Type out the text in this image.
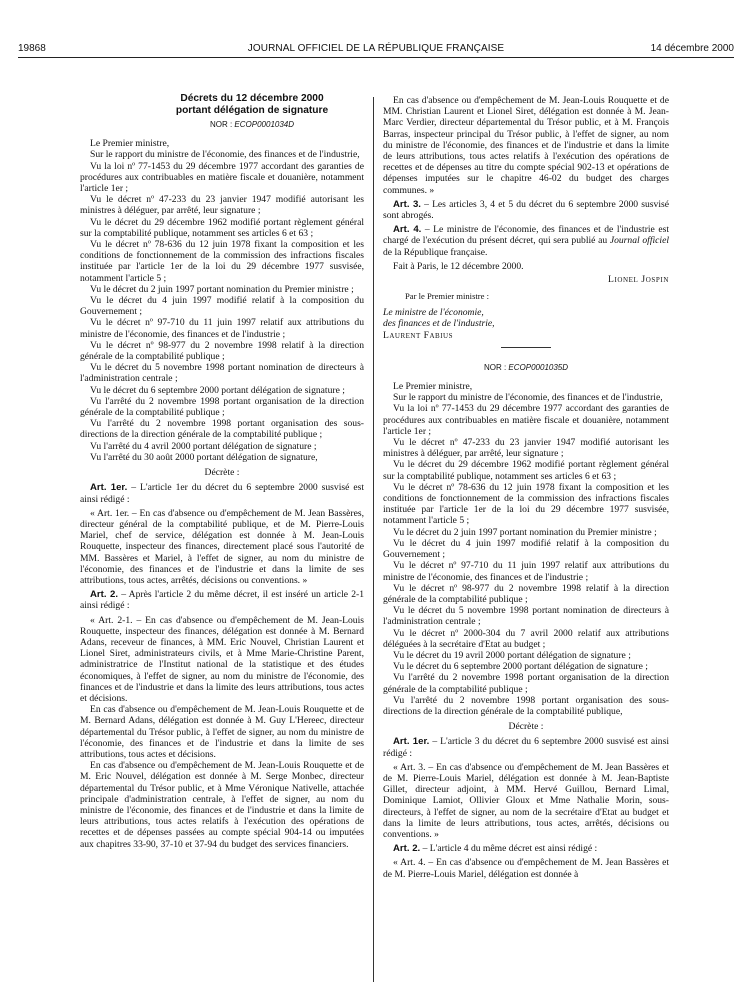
19868	JOURNAL OFFICIEL DE LA RÉPUBLIQUE FRANÇAISE	14 décembre 2000

Décrets du 12 décembre 2000
portant délégation de signature

NOR : ECOP0001034D

Le Premier ministre,

Sur le rapport du ministre de l'économie, des finances et de l'industrie,

Vu la loi nº 77-1453 du 29 décembre 1977 accordant des garanties de procédures aux contribuables en matière fiscale et douanière, notamment l'article 1er ;

Vu le décret nº 47-233 du 23 janvier 1947 modifié autorisant les ministres à déléguer, par arrêté, leur signature ;

Vu le décret du 29 décembre 1962 modifié portant règlement général sur la comptabilité publique, notamment ses articles 6 et 63 ;

Vu le décret nº 78-636 du 12 juin 1978 fixant la composition et les conditions de fonctionnement de la commission des infractions fiscales instituée par l'article 1er de la loi du 29 décembre 1977 susvisée, notamment l'article 5 ;

Vu le décret du 2 juin 1997 portant nomination du Premier ministre ;

Vu le décret du 4 juin 1997 modifié relatif à la composition du Gouvernement ;

Vu le décret nº 97-710 du 11 juin 1997 relatif aux attributions du ministre de l'économie, des finances et de l'industrie ;

Vu le décret nº 98-977 du 2 novembre 1998 relatif à la direction générale de la comptabilité publique ;

Vu le décret du 5 novembre 1998 portant nomination de directeurs à l'administration centrale ;

Vu le décret du 6 septembre 2000 portant délégation de signature ;

Vu l'arrêté du 2 novembre 1998 portant organisation de la direction générale de la comptabilité publique ;

Vu l'arrêté du 2 novembre 1998 portant organisation des sous-directions de la direction générale de la comptabilité publique ;

Vu l'arrêté du 4 avril 2000 portant délégation de signature ;

Vu l'arrêté du 30 août 2000 portant délégation de signature,

Décrète :

Art. 1er. – L'article 1er du décret du 6 septembre 2000 susvisé est ainsi rédigé :

« Art. 1er. – En cas d'absence ou d'empêchement de M. Jean Bassères, directeur général de la comptabilité publique, et de M. Pierre-Louis Mariel, chef de service, délégation est donnée à M. Jean-Louis Rouquette, inspecteur des finances, directement placé sous l'autorité de MM. Bassères et Mariel, à l'effet de signer, au nom du ministre de l'économie, des finances et de l'industrie et dans la limite de ses attributions, tous actes, arrêtés, décisions ou conventions. »

Art. 2. – Après l'article 2 du même décret, il est inséré un article 2-1 ainsi rédigé :

« Art. 2-1. – En cas d'absence ou d'empêchement de M. Jean-Louis Rouquette, inspecteur des finances, délégation est donnée à M. Bernard Adans, receveur de finances, à MM. Eric Nouvel, Christian Laurent et Lionel Siret, administrateurs civils, et à Mme Marie-Christine Parent, administratrice de l'Institut national de la statistique et des études économiques, à l'effet de signer, au nom du ministre de l'économie, des finances et de l'industrie et dans la limite des leurs attributions, tous actes et décisions.

En cas d'absence ou d'empêchement de M. Jean-Louis Rouquette et de M. Bernard Adans, délégation est donnée à M. Guy L'Hereec, directeur départemental du Trésor public, à l'effet de signer, au nom du ministre de l'économie, des finances et de l'industrie et dans la limite de ses attributions, tous actes et décisions.

En cas d'absence ou d'empêchement de M. Jean-Louis Rouquette et de M. Eric Nouvel, délégation est donnée à M. Serge Monbec, directeur départemental du Trésor public, et à Mme Véronique Nativelle, attachée principale d'administration centrale, à l'effet de signer, au nom du ministre de l'économie, des finances et de l'industrie et dans la limite de leurs attributions, tous actes relatifs à l'exécution des opérations de recettes et de dépenses passées au compte spécial 904-14 ou imputées aux chapitres 33-90, 37-10 et 37-94 du budget des services financiers.

En cas d'absence ou d'empêchement de M. Jean-Louis Rouquette et de MM. Christian Laurent et Lionel Siret, délégation est donnée à M. Jean-Marc Verdier, directeur départemental du Trésor public, et à M. François Barras, inspecteur principal du Trésor public, à l'effet de signer, au nom du ministre de l'économie, des finances et de l'industrie et dans la limite de leurs attributions, tous actes relatifs à l'exécution des opérations de recettes et de dépenses au titre du compte spécial 902-13 et opérations de dépenses imputées sur le chapitre 46-02 du budget des charges communes. »

Art. 3. – Les articles 3, 4 et 5 du décret du 6 septembre 2000 susvisé sont abrogés.

Art. 4. – Le ministre de l'économie, des finances et de l'industrie est chargé de l'exécution du présent décret, qui sera publié au Journal officiel de la République française.

Fait à Paris, le 12 décembre 2000.

Lionel Jospin

Par le Premier ministre :

Le ministre de l'économie,
des finances et de l'industrie,

Laurent Fabius

NOR : ECOP0001035D

Le Premier ministre,

Sur le rapport du ministre de l'économie, des finances et de l'industrie,

Vu la loi nº 77-1453 du 29 décembre 1977 accordant des garanties de procédures aux contribuables en matière fiscale et douanière, notamment l'article 1er ;

Vu le décret nº 47-233 du 23 janvier 1947 modifié autorisant les ministres à déléguer, par arrêté, leur signature ;

Vu le décret du 29 décembre 1962 modifié portant règlement général sur la comptabilité publique, notamment ses articles 6 et 63 ;

Vu le décret nº 78-636 du 12 juin 1978 fixant la composition et les conditions de fonctionnement de la commission des infractions fiscales instituée par l'article 1er de la loi du 29 décembre 1977 susvisée, notamment l'article 5 ;

Vu le décret du 2 juin 1997 portant nomination du Premier ministre ;

Vu le décret du 4 juin 1997 modifié relatif à la composition du Gouvernement ;

Vu le décret nº 97-710 du 11 juin 1997 relatif aux attributions du ministre de l'économie, des finances et de l'industrie ;

Vu le décret nº 98-977 du 2 novembre 1998 relatif à la direction générale de la comptabilité publique ;

Vu le décret du 5 novembre 1998 portant nomination de directeurs à l'administration centrale ;

Vu le décret nº 2000-304 du 7 avril 2000 relatif aux attributions déléguées à la secrétaire d'Etat au budget ;

Vu le décret du 19 avril 2000 portant délégation de signature ;

Vu le décret du 6 septembre 2000 portant délégation de signature ;

Vu l'arrêté du 2 novembre 1998 portant organisation de la direction générale de la comptabilité publique ;

Vu l'arrêté du 2 novembre 1998 portant organisation des sous-directions de la direction générale de la comptabilité publique,

Décrète :

Art. 1er. – L'article 3 du décret du 6 septembre 2000 susvisé est ainsi rédigé :

« Art. 3. – En cas d'absence ou d'empêchement de M. Jean Bassères et de M. Pierre-Louis Mariel, délégation est donnée à M. Jean-Baptiste Gillet, directeur adjoint, à MM. Hervé Guillou, Bernard Limal, Dominique Lamiot, Ollivier Gloux et Mme Nathalie Morin, sous-directeurs, à l'effet de signer, au nom de la secrétaire d'Etat au budget et dans la limite de leurs attributions, tous actes, arrêtés, décisions ou conventions. »

Art. 2. – L'article 4 du même décret est ainsi rédigé :

« Art. 4. – En cas d'absence ou d'empêchement de M. Jean Bassères et de M. Pierre-Louis Mariel, délégation est donnée à
